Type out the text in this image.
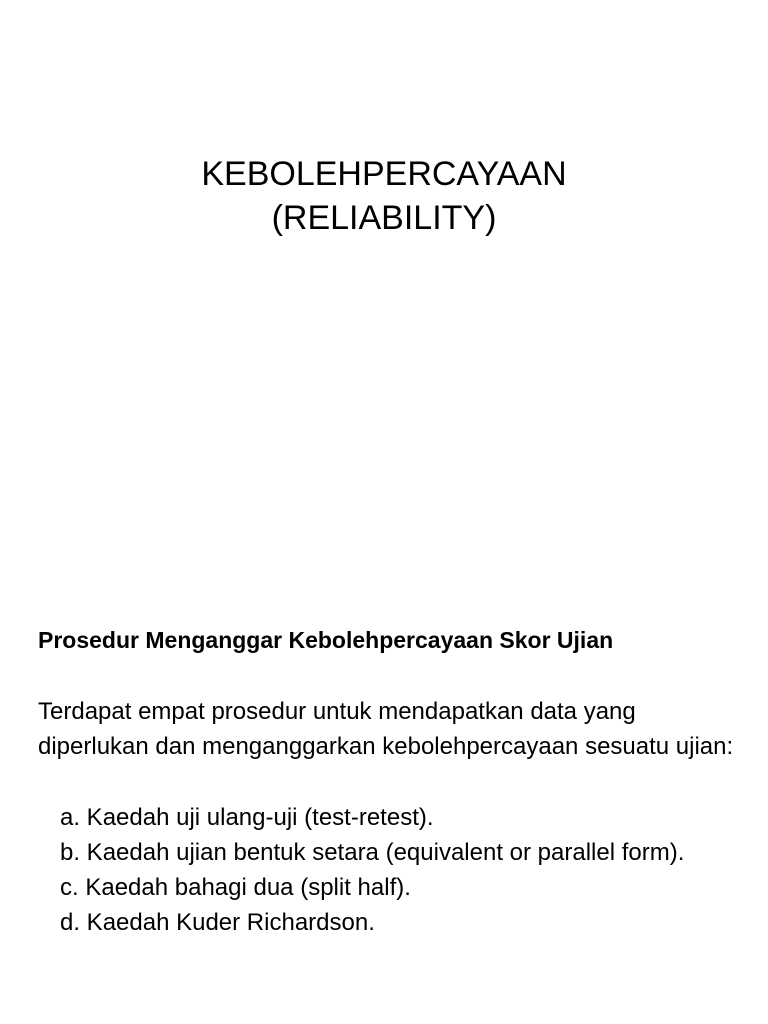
KEBOLEHPERCAYAAN
(RELIABILITY)

Prosedur Menganggar Kebolehpercayaan Skor Ujian

Terdapat empat prosedur untuk mendapatkan data yang diperlukan dan menganggarkan kebolehpercayaan sesuatu ujian:

a. Kaedah uji ulang-uji (test-retest).
b. Kaedah ujian bentuk setara (equivalent or parallel form).
c. Kaedah bahagi dua (split half).
d. Kaedah Kuder Richardson.
